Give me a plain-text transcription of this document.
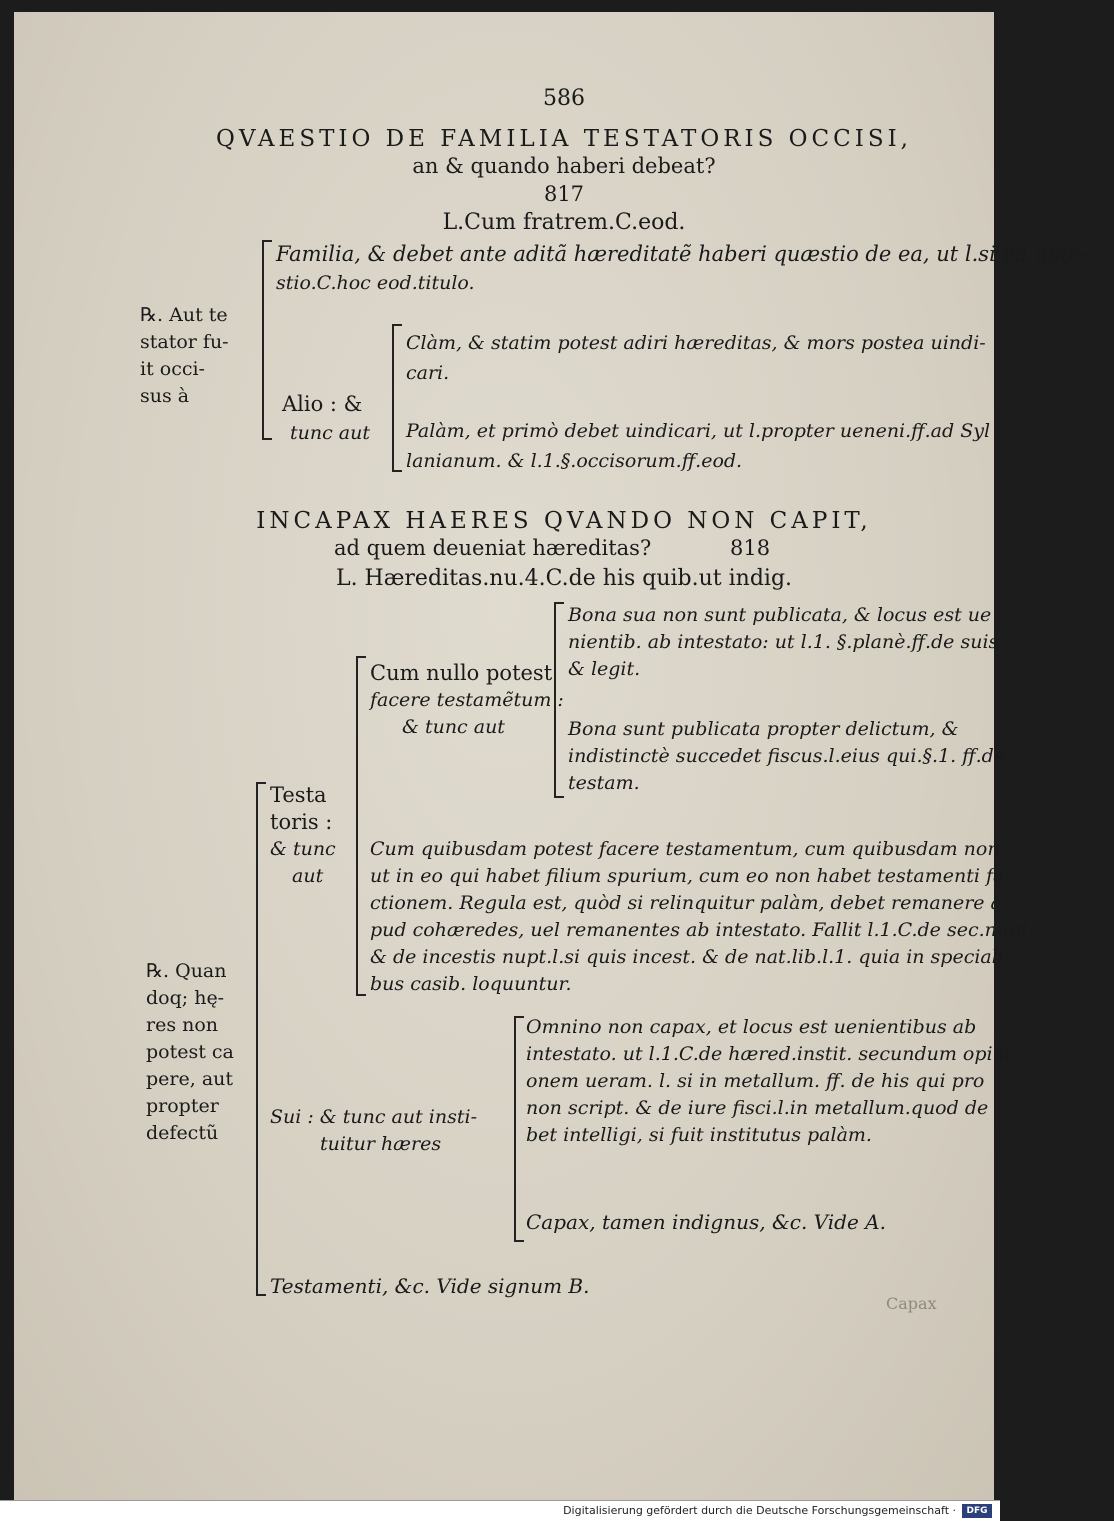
586
QVAESTIO DE FAMILIA TESTATORIS OCCISI,
an & quando haberi debeat?
817
L.Cum fratrem.C.eod.
℞. Aut te
stator fu-
it occi-
sus à
Familia, & debet ante aditã hæreditatẽ haberi quæstio de ea, ut l.si ea quæ-
stio.C.hoc eod.titulo.
Alio : &
tunc aut
Clàm, & statim potest adiri hæreditas, & mors postea uindi-
cari.
Palàm, et primò debet uindicari, ut l.propter ueneni.ff.ad Syl
lanianum. & l.1.§.occisorum.ff.eod.
INCAPAX HAERES QVANDO NON CAPIT,
ad quem deueniat hæreditas?	818
L. Hæreditas.nu.4.C.de his quib.ut indig.
℞. Quan
doq; hę-
res non
potest ca
pere, aut
propter
defectũ
Testa
toris :
& tunc
aut
Cum nullo potest
facere testamẽtum :
& tunc aut
Bona sua non sunt publicata, & locus est ue
nientib. ab intestato: ut l.1. §.planè.ff.de suis
& legit.
Bona sunt publicata propter delictum, &
indistinctè succedet fiscus.l.eius qui.§.1. ff.de
testam.
Cum quibusdam potest facere testamentum, cum quibusdam non.
ut in eo qui habet filium spurium, cum eo non habet testamenti fa-
ctionem. Regula est, quòd si relinquitur palàm, debet remanere a-
pud cohæredes, uel remanentes ab intestato. Fallit l.1.C.de sec.nupt.
& de incestis nupt.l.si quis incest. & de nat.lib.l.1. quia in speciali-
bus casib. loquuntur.
Sui : & tunc aut insti-
tuitur hæres
Omnino non capax, et locus est uenientibus ab
intestato. ut l.1.C.de hæred.instit. secundum opini
onem ueram. l. si in metallum. ff. de his qui pro
non script. & de iure fisci.l.in metallum.quod de
bet intelligi, si fuit institutus palàm.
Capax, tamen indignus, &c. Vide A.
Testamenti, &c. Vide signum B.
Capax
Digitalisierung gefördert durch die Deutsche Forschungsgemeinschaft ·	DFG
